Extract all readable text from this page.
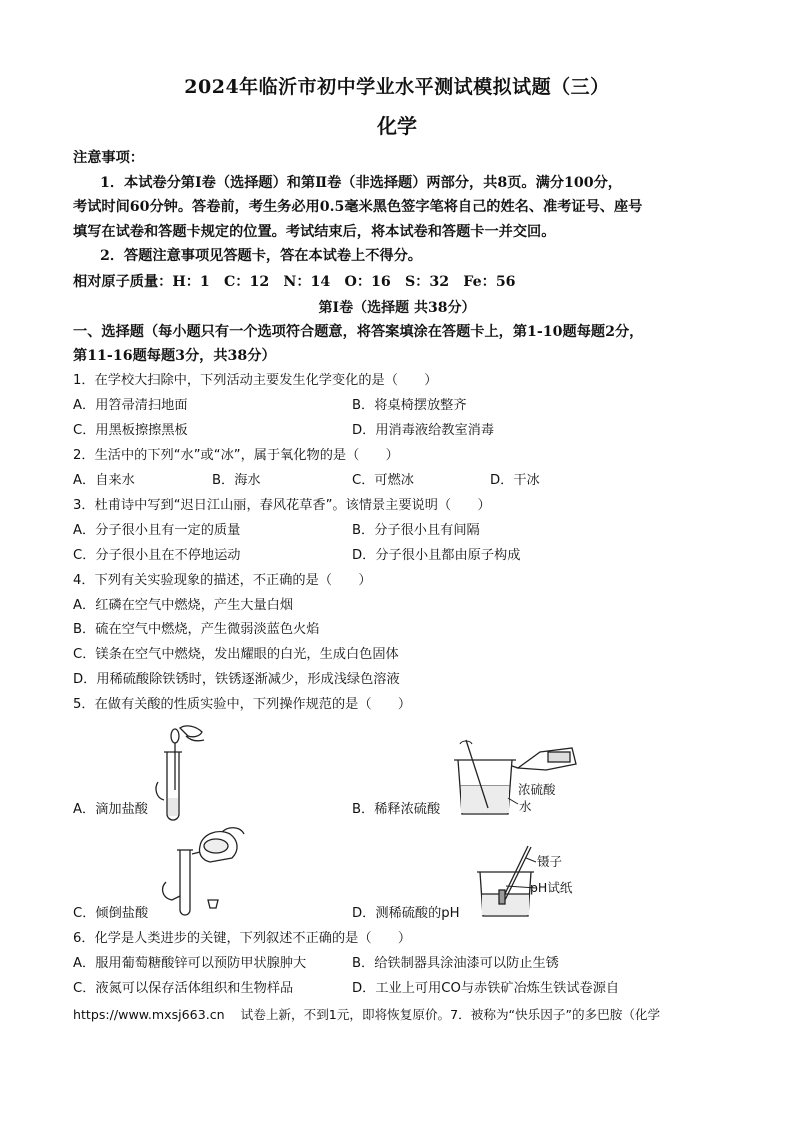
2024年临沂市初中学业水平测试模拟试题（三）
化学
注意事项：
1．本试卷分第Ⅰ卷（选择题）和第Ⅱ卷（非选择题）两部分，共8页。满分100分，
考试时间60分钟。答卷前，考生务必用0.5毫米黑色签字笔将自己的姓名、准考证号、座号
填写在试卷和答题卡规定的位置。考试结束后，将本试卷和答题卡一并交回。
2．答题注意事项见答题卡，答在本试卷上不得分。
相对原子质量：H：1　C：12　N：14　O：16　S：32　Fe：56
第Ⅰ卷（选择题 共38分）
一、选择题（每小题只有一个选项符合题意，将答案填涂在答题卡上，第1-10题每题2分，
第11-16题每题3分，共38分）
1．在学校大扫除中，下列活动主要发生化学变化的是（　　）
A．用笤帚清扫地面	B．将桌椅摆放整齐
C．用黑板擦擦黑板	D．用消毒液给教室消毒
2．生活中的下列“水”或“冰”，属于氧化物的是（　　）
A．自来水	B．海水	C．可燃冰	D．干冰
3．杜甫诗中写到“迟日江山丽，春风花草香”。该情景主要说明（　　）
A．分子很小且有一定的质量	B．分子很小且有间隔
C．分子很小且在不停地运动	D．分子很小且都由原子构成
4．下列有关实验现象的描述，不正确的是（　　）
A．红磷在空气中燃烧，产生大量白烟
B．硫在空气中燃烧，产生微弱淡蓝色火焰
C．镁条在空气中燃烧，发出耀眼的白光，生成白色固体
D．用稀硫酸除铁锈时，铁锈逐渐减少，形成浅绿色溶液
5．在做有关酸的性质实验中，下列操作规范的是（　　）
A．滴加盐酸
浓硫酸
水
B．稀释浓硫酸
C．倾倒盐酸
镊子
pH试纸
D．测稀硫酸的pH
6．化学是人类进步的关键，下列叙述不正确的是（　　）
A．服用葡萄糖酸锌可以预防甲状腺肿大	B．给铁制器具涂油漆可以防止生锈
C．液氮可以保存活体组织和生物样品	D．工业上可用CO与赤铁矿冶炼生铁试卷源自
https://www.mxsj663.cn 试卷上新，不到1元，即将恢复原价。7．被称为“快乐因子”的多巴胺（化学
